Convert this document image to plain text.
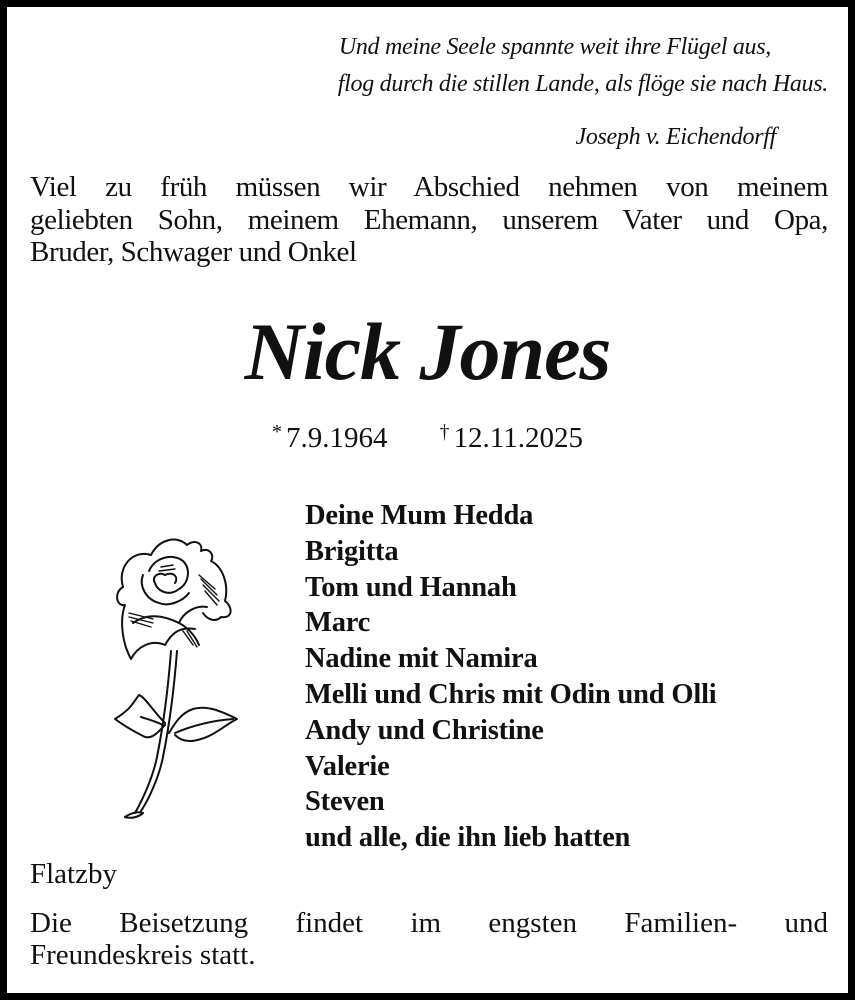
Und meine Seele spannte weit ihre Flügel aus,
flog durch die stillen Lande, als flöge sie nach Haus.
Joseph v. Eichendorff
Viel zu früh müssen wir Abschied nehmen von meinem
geliebten Sohn, meinem Ehemann, unserem Vater und Opa,
Bruder, Schwager und Onkel
Nick Jones
* 7.9.1964	† 12.11.2025
Deine Mum Hedda
Brigitta
Tom und Hannah
Marc
Nadine mit Namira
Melli und Chris mit Odin und Olli
Andy und Christine
Valerie
Steven
und alle, die ihn lieb hatten
Flatzby
Die Beisetzung findet im engsten Familien- und
Freundeskreis statt.
